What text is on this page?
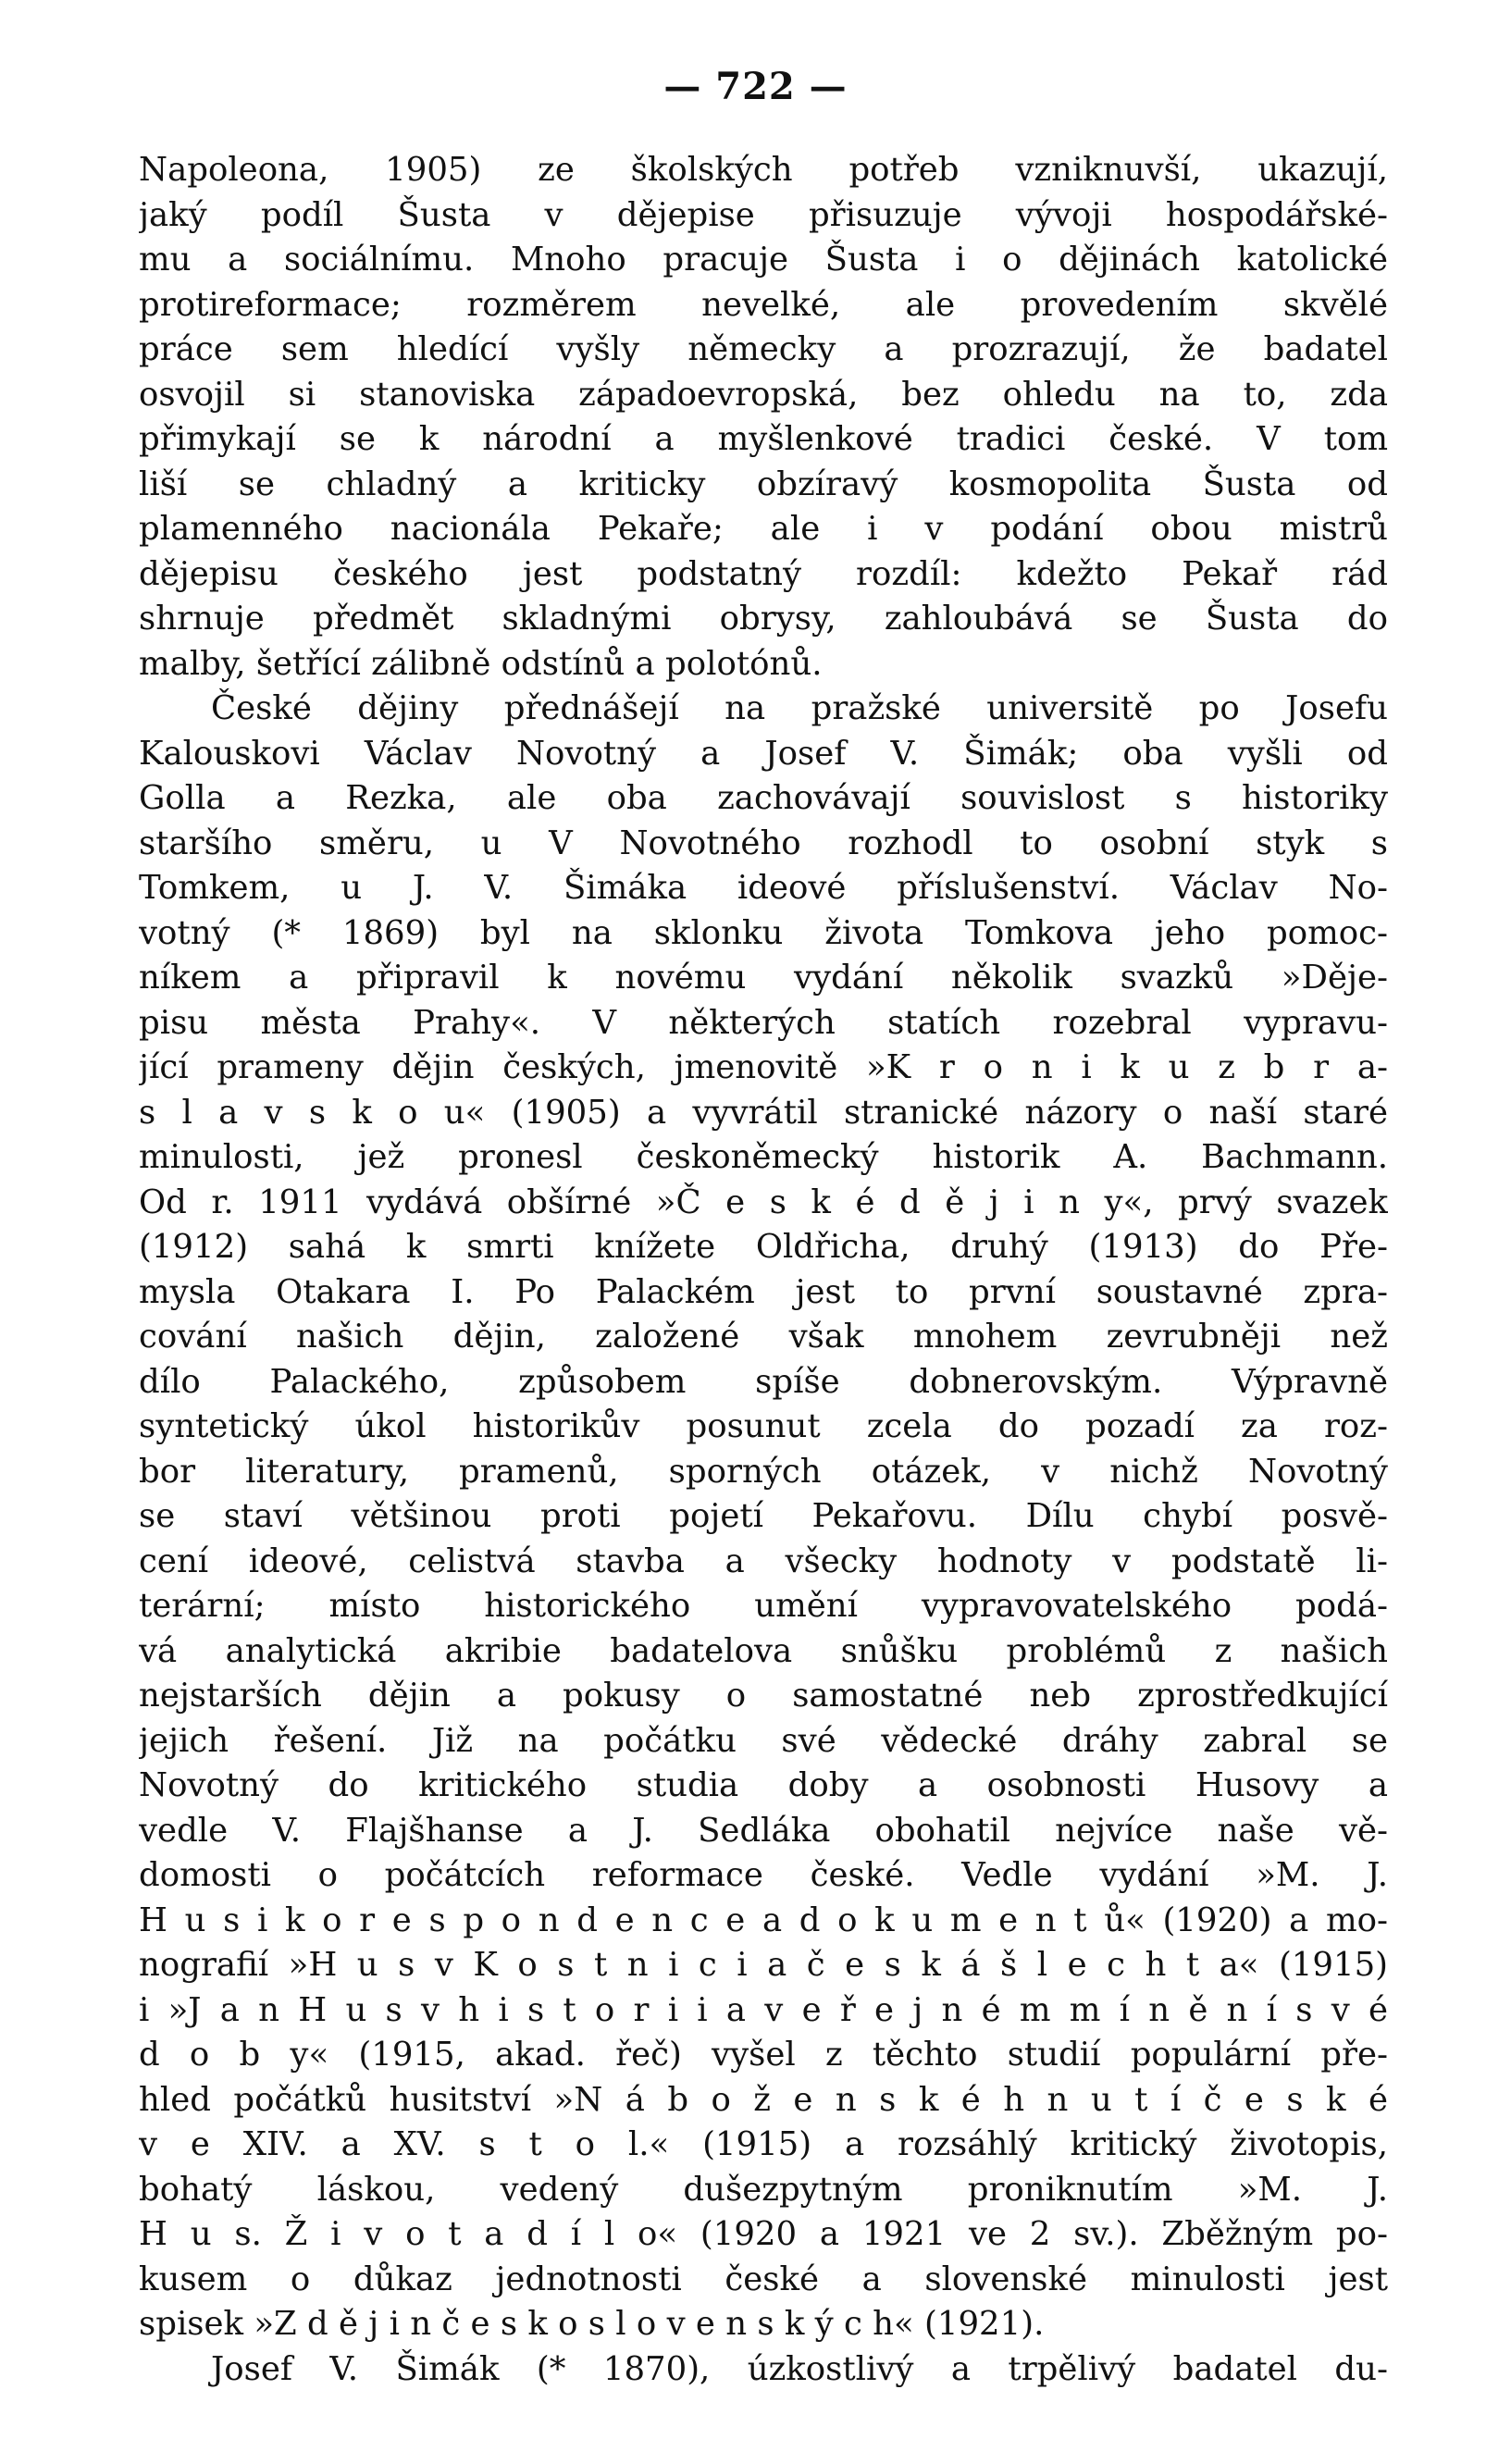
— 722 —
Napoleona, 1905) ze školských potřeb vzniknuvší, ukazují,
jaký podíl Šusta v dějepise přisuzuje vývoji hospodářské-
mu a sociálnímu. Mnoho pracuje Šusta i o dějinách katolické
protireformace; rozměrem nevelké, ale provedením skvělé
práce sem hledící vyšly německy a prozrazují, že badatel
osvojil si stanoviska západoevropská, bez ohledu na to, zda
přimykají se k národní a myšlenkové tradici české. V tom
liší se chladný a kriticky obzíravý kosmopolita Šusta od
plamenného nacionála Pekaře; ale i v podání obou mistrů
dějepisu českého jest podstatný rozdíl: kdežto Pekař rád
shrnuje předmět skladnými obrysy, zahloubává se Šusta do
malby, šetřící zálibně odstínů a polotónů.
České dějiny přednášejí na pražské universitě po Josefu
Kalouskovi Václav Novotný a Josef V. Šimák; oba vyšli od
Golla a Rezka, ale oba zachovávají souvislost s historiky
staršího směru, u V Novotného rozhodl to osobní styk s
Tomkem, u J. V. Šimáka ideové příslušenství. Václav No-
votný (* 1869) byl na sklonku života Tomkova jeho pomoc-
níkem a připravil k novému vydání několik svazků »Děje-
pisu města Prahy«. V některých statích rozebral vypravu-
jící prameny dějin českých, jmenovitě »K r o n i k u z b r a-
s l a v s k o u« (1905) a vyvrátil stranické názory o naší staré
minulosti, jež pronesl českoněmecký historik A. Bachmann.
Od r. 1911 vydává obšírné »Č e s k é d ě j i n y«, prvý svazek
(1912) sahá k smrti knížete Oldřicha, druhý (1913) do Pře-
mysla Otakara I. Po Palackém jest to první soustavné zpra-
cování našich dějin, založené však mnohem zevrubněji než
dílo Palackého, způsobem spíše dobnerovským. Výpravně
syntetický úkol historikův posunut zcela do pozadí za roz-
bor literatury, pramenů, sporných otázek, v nichž Novotný
se staví většinou proti pojetí Pekařovu. Dílu chybí posvě-
cení ideové, celistvá stavba a všecky hodnoty v podstatě li-
terární; místo historického umění vypravovatelského podá-
vá analytická akribie badatelova snůšku problémů z našich
nejstarších dějin a pokusy o samostatné neb zprostředkující
jejich řešení. Již na počátku své vědecké dráhy zabral se
Novotný do kritického studia doby a osobnosti Husovy a
vedle V. Flajšhanse a J. Sedláka obohatil nejvíce naše vě-
domosti o počátcích reformace české. Vedle vydání »M. J.
H u s i k o r e s p o n d e n c e a d o k u m e n t ů« (1920) a mo-
nografií »H u s v K o s t n i c i a č e s k á š l e c h t a« (1915)
i »J a n H u s v h i s t o r i i a v e ř e j n é m m í n ě n í s v é
d o b y« (1915, akad. řeč) vyšel z těchto studií populární pře-
hled počátků husitství »N á b o ž e n s k é h n u t í č e s k é
v e XIV. a XV. s t o l.« (1915) a rozsáhlý kritický životopis,
bohatý láskou, vedený dušezpytným proniknutím »M. J.
H u s. Ž i v o t a d í l o« (1920 a 1921 ve 2 sv.). Zběžným po-
kusem o důkaz jednotnosti české a slovenské minulosti jest
spisek »Z d ě j i n č e s k o s l o v e n s k ý c h« (1921).
Josef V. Šimák (* 1870), úzkostlivý a trpělivý badatel du-
